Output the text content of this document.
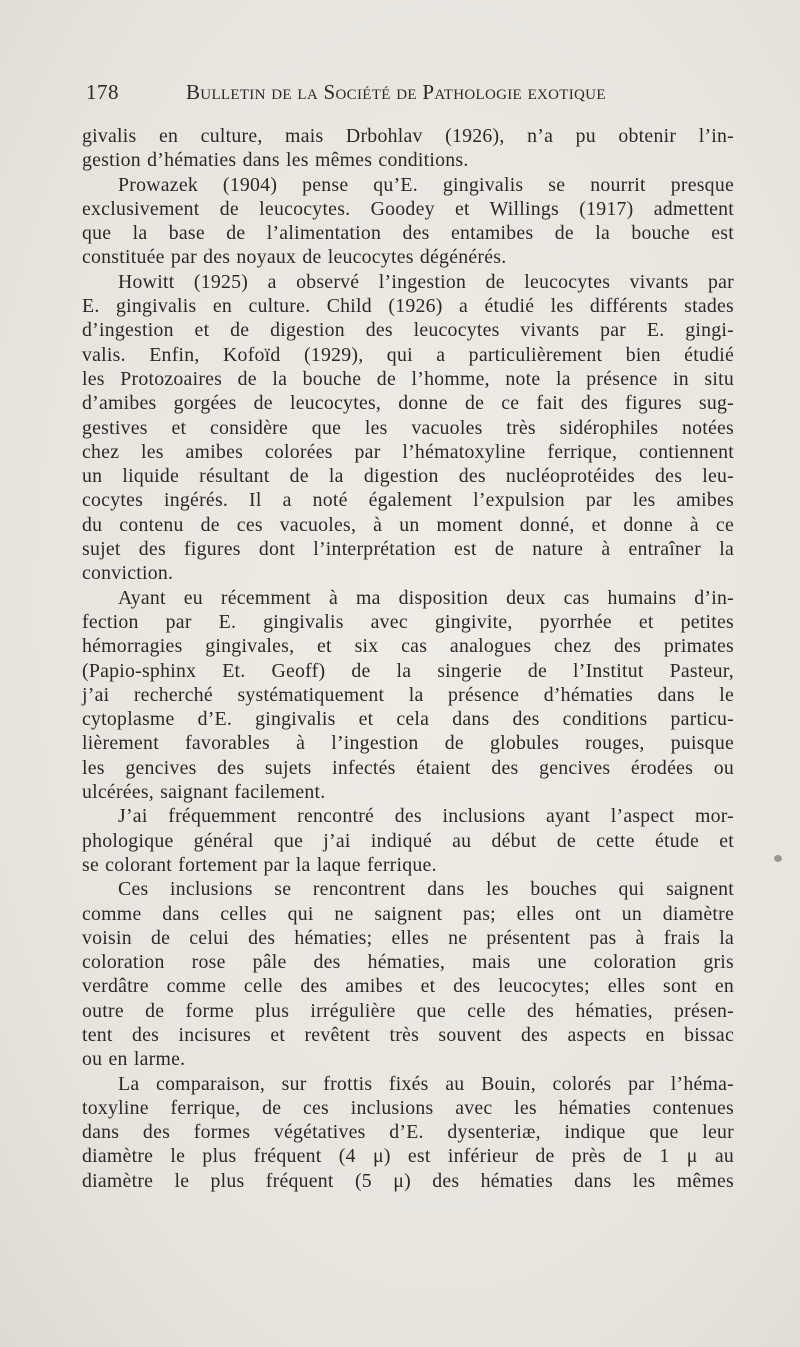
178	Bulletin de la Société de Pathologie exotique
givalis en culture, mais Drbohlav (1926), n’a pu obtenir l’in-
gestion d’hématies dans les mêmes conditions.
Prowazek (1904) pense qu’E. gingivalis se nourrit presque
exclusivement de leucocytes. Goodey et Willings (1917) admettent
que la base de l’alimentation des entamibes de la bouche est
constituée par des noyaux de leucocytes dégénérés.
Howitt (1925) a observé l’ingestion de leucocytes vivants par
E. gingivalis en culture. Child (1926) a étudié les différents stades
d’ingestion et de digestion des leucocytes vivants par E. gingi-
valis. Enfin, Kofoïd (1929), qui a particulièrement bien étudié
les Protozoaires de la bouche de l’homme, note la présence in situ
d’amibes gorgées de leucocytes, donne de ce fait des figures sug-
gestives et considère que les vacuoles très sidérophiles notées
chez les amibes colorées par l’hématoxyline ferrique, contiennent
un liquide résultant de la digestion des nucléoprotéides des leu-
cocytes ingérés. Il a noté également l’expulsion par les amibes
du contenu de ces vacuoles, à un moment donné, et donne à ce
sujet des figures dont l’interprétation est de nature à entraîner la
conviction.
Ayant eu récemment à ma disposition deux cas humains d’in-
fection par E. gingivalis avec gingivite, pyorrhée et petites
hémorragies gingivales, et six cas analogues chez des primates
(Papio-sphinx Et. Geoff) de la singerie de l’Institut Pasteur,
j’ai recherché systématiquement la présence d’hématies dans le
cytoplasme d’E. gingivalis et cela dans des conditions particu-
lièrement favorables à l’ingestion de globules rouges, puisque
les gencives des sujets infectés étaient des gencives érodées ou
ulcérées, saignant facilement.
J’ai fréquemment rencontré des inclusions ayant l’aspect mor-
phologique général que j’ai indiqué au début de cette étude et
se colorant fortement par la laque ferrique.
Ces inclusions se rencontrent dans les bouches qui saignent
comme dans celles qui ne saignent pas; elles ont un diamètre
voisin de celui des hématies; elles ne présentent pas à frais la
coloration rose pâle des hématies, mais une coloration gris
verdâtre comme celle des amibes et des leucocytes; elles sont en
outre de forme plus irrégulière que celle des hématies, présen-
tent des incisures et revêtent très souvent des aspects en bissac
ou en larme.
La comparaison, sur frottis fixés au Bouin, colorés par l’héma-
toxyline ferrique, de ces inclusions avec les hématies contenues
dans des formes végétatives d’E. dysenteriæ, indique que leur
diamètre le plus fréquent (4 μ) est inférieur de près de 1 μ au
diamètre le plus fréquent (5 μ) des hématies dans les mêmes
